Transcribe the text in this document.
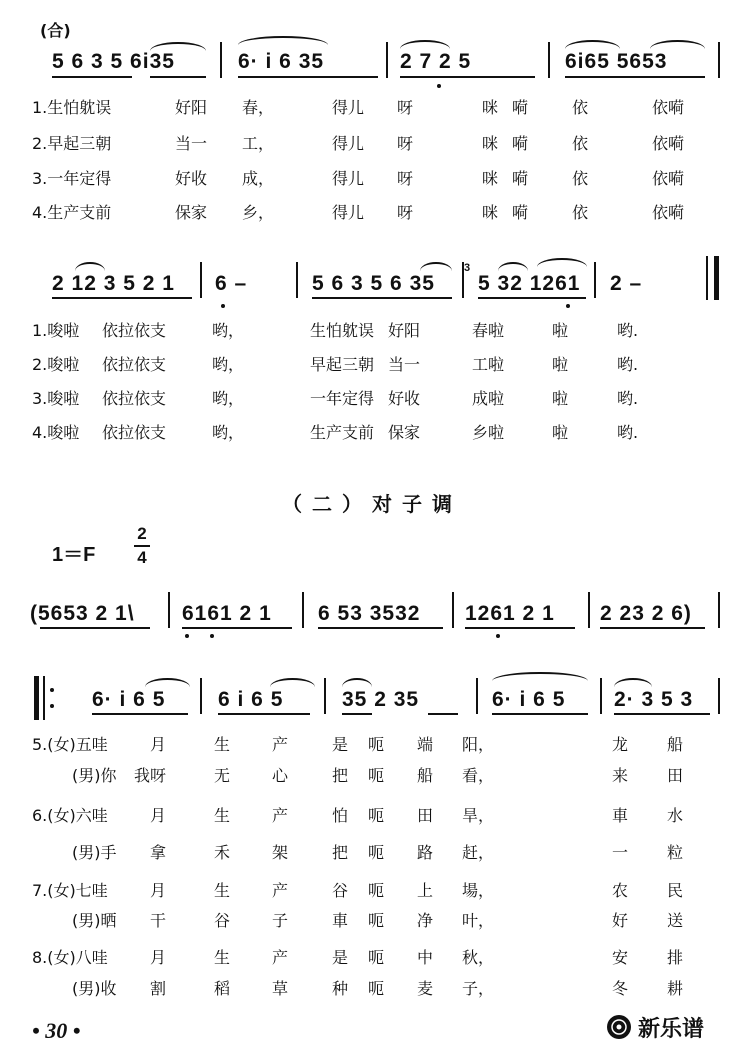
(合)
5 6 3 5 6i35	6· i 6 35	2 7 2 5	6i65 5653
1.生怕躭误	好阳 春，	得儿 呀	咪 嗬	依	依嗬
2.早起三朝	当一 工，	得儿 呀	咪 嗬	依	依嗬
3.一年定得	好收 成，	得儿 呀	咪 嗬	依	依嗬
4.生产支前	保家 乡，	得儿 呀	咪 嗬	依	依嗬
2 12 3 5 2 1 6 –	5 6 3 5 6 35
3
5 32 1261 2 –
1.唆啦 依拉依支	哟，	生怕躭误 好阳	春啦	啦	哟.
2.唆啦 依拉依支	哟，	早起三朝 当一	工啦	啦	哟.
3.唆啦 依拉依支	哟，	一年定得 好收	成啦	啦	哟.
4.唆啦 依拉依支	哟，	生产支前 保家	乡啦	啦	哟.
（二）对子调
1＝F
2
4
(5653 2 1\ 6161 2 1 6 53 3532 1261 2 1 2 23 2 6)
6· i 6 5	6 i 6 5	35 2 35	6· i 6 5 2· 3 5 3
5.(女)五哇	月	生	产	是 呃 端 阳，	龙 船
(男)你 我呀	无	心	把 呃 船 看，	来 田
6.(女)六哇	月	生	产	怕 呃 田 旱，	車 水
(男)手 拿	禾	架	把 呃 路 赶，	一 粒
7.(女)七哇	月	生	产	谷 呃 上 場，	农 民
(男)晒 干	谷	子	車 呃 净 叶，	好 送
8.(女)八哇	月	生	产	是 呃 中 秋，	安 排
(男)收 割	稻	草	种 呃 麦 子，	冬 耕
• 30 •	新乐谱
